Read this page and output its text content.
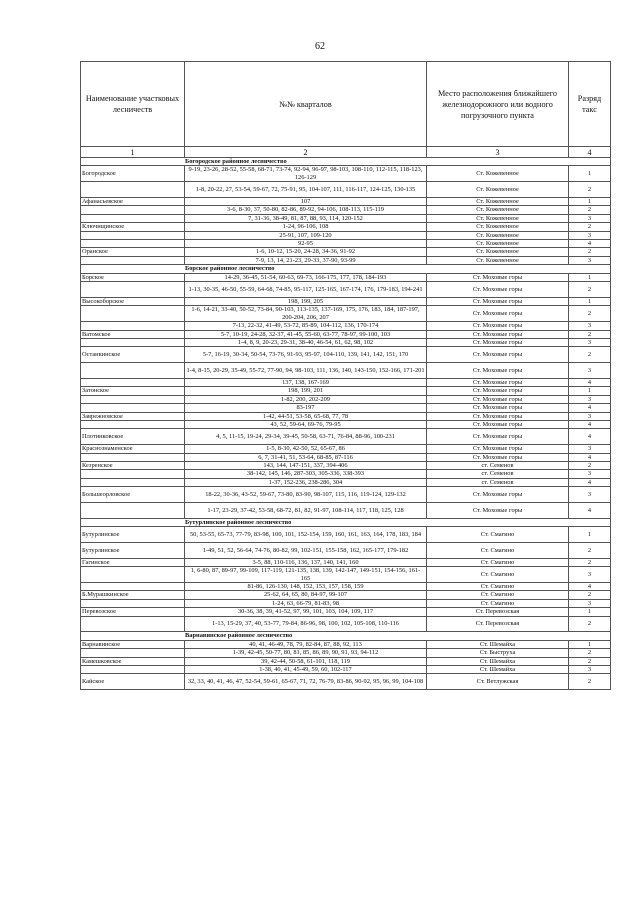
62
Наименование участковых лесничеств	№№ кварталов	Место расположения ближайшего железнодорожного или водного погрузочного пункта	Разряд такс
1	2	3	4
Богородское районное лесничество			
Богородское	9-19, 23-26, 28-52, 55-58, 68-71, 73-74, 92-94, 96-97, 98-103, 108-110, 112-115, 118-123, 126-129	Ст. Кожевенное	1
	1-8, 20-22, 27, 53-54, 59-67, 72, 75-91, 95, 104-107, 111, 116-117, 124-125, 130-135	Ст. Кожевенное	2
Афанасьевское	107	Ст. Кожевенное	1
	3-6, 8-30, 37, 50-80, 82-86, 89-92, 94-106, 108-113, 115-119	Ст. Кожевенное	2
	7, 31-36, 38-49, 81, 87, 88, 93, 114, 120-152	Ст. Кожевенное	3
Ключищинское	1-24, 96-106, 108	Ст. Кожевенное	2
	25-91, 107, 109-120	Ст. Кожевенное	3
	92-95	Ст. Кожевенное	4
Оранское	1-6, 10-12, 15-20, 24-28, 34-36, 91-92	Ст. Кожевенное	2
	7-9, 13, 14, 21-23, 29-33, 37-90, 93-99	Ст. Кожевенное	3
Борское районное лесничество			
Борское	14-29, 36-45, 51-54, 60-63, 69-73, 166-175, 177, 178, 184-193	Ст. Моховые горы	1
	1-13, 30-35, 46-50, 55-59, 64-68, 74-85, 95-117, 125-165, 167-174, 176, 179-183, 194-241	Ст. Моховые горы	2
Высокоборское	198, 199, 205	Ст. Моховые горы	1
	1-6, 14-21, 33-40, 50-52, 73-84, 90-103, 113-135, 137-169, 175, 176, 183, 184, 187-197, 200-204, 206, 207	Ст. Моховые горы	2
	7-13, 22-32, 41-49, 53-72, 85-89, 104-112, 136, 170-174	Ст. Моховые горы	3
Ватомское	5-7, 10-19, 24-28, 32-37, 41-45, 55-60, 63-77, 78-97, 99-100, 103	Ст. Моховые горы	2
	1-4, 8, 9, 20-23, 29-31, 38-40, 46-54, 61, 62, 98, 102	Ст. Моховые горы	3
Останкинское	5-7, 16-19, 30-34, 50-54, 73-76, 91-93, 95-97, 104-110, 139, 141, 142, 151, 170	Ст. Моховые горы	2
	1-4, 8-15, 20-29, 35-49, 55-72, 77-90, 94, 98-103, 111, 136, 140, 143-150, 152-166, 171-201	Ст. Моховые горы	3
	137, 138, 167-169	Ст. Моховые горы	4
Затонское	198, 199, 201	Ст. Моховые горы	1
	1-82, 200, 202-209	Ст. Моховые горы	3
	83-197	Ст. Моховые горы	4
Заврежновское	1-42, 44-51, 53-58, 65-68, 77, 78	Ст. Моховые горы	3
	43, 52, 59-64, 69-76, 79-95	Ст. Моховые горы	4
Плотинковское	4, 5, 11-15, 19-24, 29-34, 39-45, 50-58, 63-71, 76-84, 88-96, 100-231	Ст. Моховые горы	4
Краснознаменское	1-5, 8-30, 42-50, 52, 65-67, 86	Ст. Моховые горы	3
	6, 7, 31-41, 51, 53-64, 68-85, 87-116	Ст. Моховые горы	4
Кезренское	143, 144, 147-151, 337, 394-406	ст. Семенов	2
	38-142, 145, 146, 287-303, 305-336, 338-393	ст. Семенов	3
	1-37, 152-236, 238-286, 304	ст. Семенов	4
Большеорловское	18-22, 30-36, 43-52, 59-67, 73-80, 83-90, 98-107, 115, 116, 119-124, 129-132	Ст. Моховые горы	3
	1-17, 23-29, 37-42, 53-58, 68-72, 81, 82, 91-97, 108-114, 117, 118, 125, 128	Ст. Моховые горы	4
Бутурлинское районное лесничество			
Бутурлинское	50, 53-55, 65-73, 77-79, 83-98, 100, 101, 152-154, 159, 160, 161, 163, 164, 178, 183, 184	Ст. Смагино	1
Бутурлинское	1-49, 51, 52, 56-64, 74-76, 80-82, 99, 102-151, 155-158, 162, 165-177, 179-182	Ст. Смагино	2
Гагинское	3-5, 88, 110-116, 136, 137, 140, 141, 160	Ст. Смагино	2
	1, 6-80, 87, 89-97, 99-109, 117-119, 121-135, 138, 139, 142-147, 149-151, 154-156, 161-165	Ст. Смагино	3
	81-86, 126-130, 148, 152, 153, 157, 158, 159	Ст. Смагино	4
Б.Мурашкинское	25-62, 64, 65, 80, 84-97, 99-107	Ст. Смагино	2
	1-24, 63, 66-79, 81-83, 98	Ст. Смагино	3
Перевозское	30-36, 38, 39, 41-52, 97, 99, 101, 103, 104, 109, 117	Ст. Перевозская	1
	1-13, 15-29, 37, 40, 53-77, 79-84, 86-96, 98, 100, 102, 105-108, 110-116	Ст. Перевозская	2
Варнавинское районное лесничество			
Варнавинское	40, 41, 46-49, 78, 79, 82-84, 87, 88, 92, 113	Ст. Шемайха	1
	1-39, 42-45, 50-77, 80, 81, 85, 86, 89, 90, 91, 93, 94-112	Ст. Быструха	2
Камешковское	39, 42-44, 50-58, 61-101, 118, 119	Ст. Шемайха	2
	1-38, 40, 41, 45-49, 59, 60, 102-117	Ст. Шемайха	3
Кайское	32, 33, 40, 41, 46, 47, 52-54, 59-61, 65-67, 71, 72, 76-79, 83-86, 90-92, 95, 96, 99, 104-108	Ст. Ветлужская	2
